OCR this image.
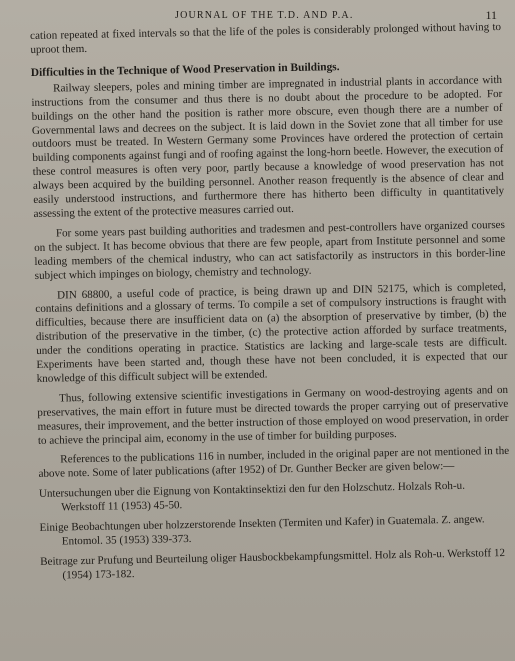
JOURNAL OF THE T.D. AND P.A.	11

cation repeated at fixed intervals so that the life of the poles is considerably prolonged without having to uproot them.

Difficulties in the Technique of Wood Preservation in Buildings.

Railway sleepers, poles and mining timber are impregnated in industrial plants in accordance with instructions from the consumer and thus there is no doubt about the procedure to be adopted. For buildings on the other hand the position is rather more obscure, even though there are a number of Governmental laws and decrees on the subject. It is laid down in the Soviet zone that all timber for use outdoors must be treated. In Western Germany some Provinces have ordered the protection of certain building components against fungi and of roofing against the long-horn beetle. However, the execution of these control measures is often very poor, partly because a knowledge of wood preservation has not always been acquired by the building personnel. Another reason frequently is the absence of clear and easily understood instructions, and furthermore there has hitherto been difficulty in quantitatively assessing the extent of the protective measures carried out.

For some years past building authorities and tradesmen and pest-controllers have organized courses on the subject. It has become obvious that there are few people, apart from Institute personnel and some leading members of the chemical industry, who can act satisfactorily as instructors in this border-line subject which impinges on biology, chemistry and technology.

DIN 68800, a useful code of practice, is being drawn up and DIN 52175, which is completed, contains definitions and a glossary of terms. To compile a set of compulsory instructions is fraught with difficulties, because there are insufficient data on (a) the absorption of preservative by timber, (b) the distribution of the preservative in the timber, (c) the protective action afforded by surface treatments, under the conditions operating in practice. Statistics are lacking and large-scale tests are difficult. Experiments have been started and, though these have not been concluded, it is expected that our knowledge of this difficult subject will be extended.

Thus, following extensive scientific investigations in Germany on wood-destroying agents and on preservatives, the main effort in future must be directed towards the proper carrying out of preservative measures, their improvement, and the better instruction of those employed on wood preservation, in order to achieve the principal aim, economy in the use of timber for building purposes.

References to the publications 116 in number, included in the original paper are not mentioned in the above note. Some of later publications (after 1952) of Dr. Gunther Becker are given below:—

Untersuchungen uber die Eignung von Kontaktinsektizi den fur den Holzschutz. Holzals Roh-u. Werkstoff 11 (1953) 45-50.

Einige Beobachtungen uber holzzerstorende Insekten (Termiten und Kafer) in Guatemala. Z. angew. Entomol. 35 (1953) 339-373.

Beitrage zur Prufung und Beurteilung oliger Hausbockbekampfungsmittel. Holz als Roh-u. Werkstoff 12 (1954) 173-182.
